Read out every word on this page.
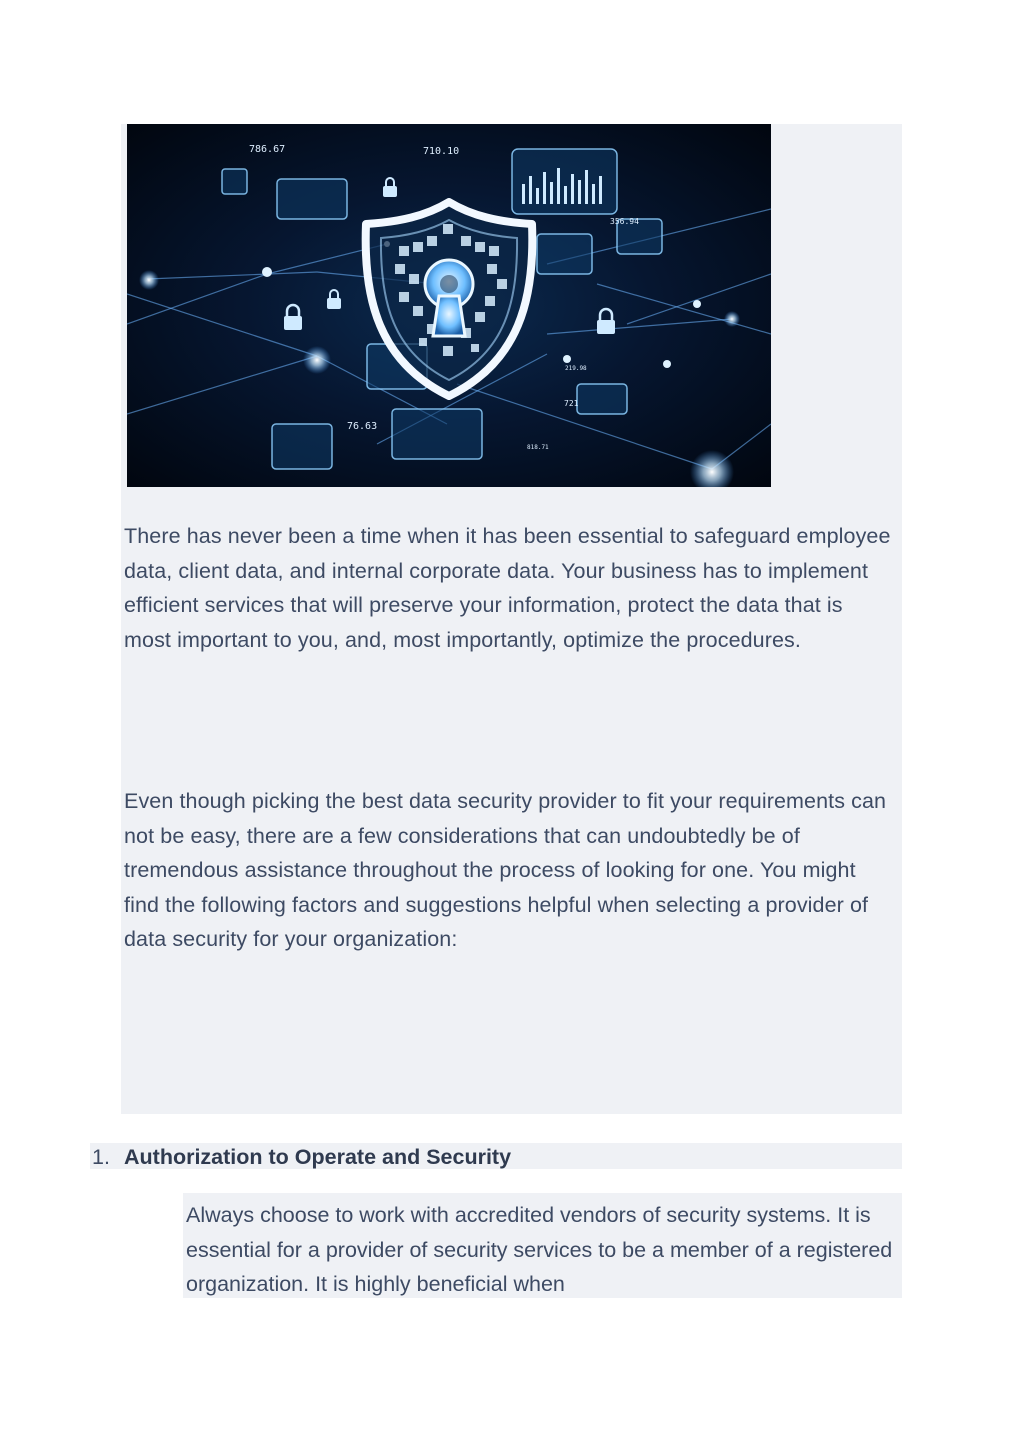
786.67	710.10
356.94
76.63
721
219.98
818.71

There has never been a time when it has been essential to safeguard employee data, client data, and internal corporate data. Your business has to implement efficient services that will preserve your information, protect the data that is most important to you, and, most importantly, optimize the procedures.

Even though picking the best data security provider to fit your requirements can not be easy, there are a few considerations that can undoubtedly be of tremendous assistance throughout the process of looking for one. You might find the following factors and suggestions helpful when selecting a provider of data security for your organization:

1. Authorization to Operate and Security

Always choose to work with accredited vendors of security systems. It is essential for a provider of security services to be a member of a registered organization. It is highly beneficial when
